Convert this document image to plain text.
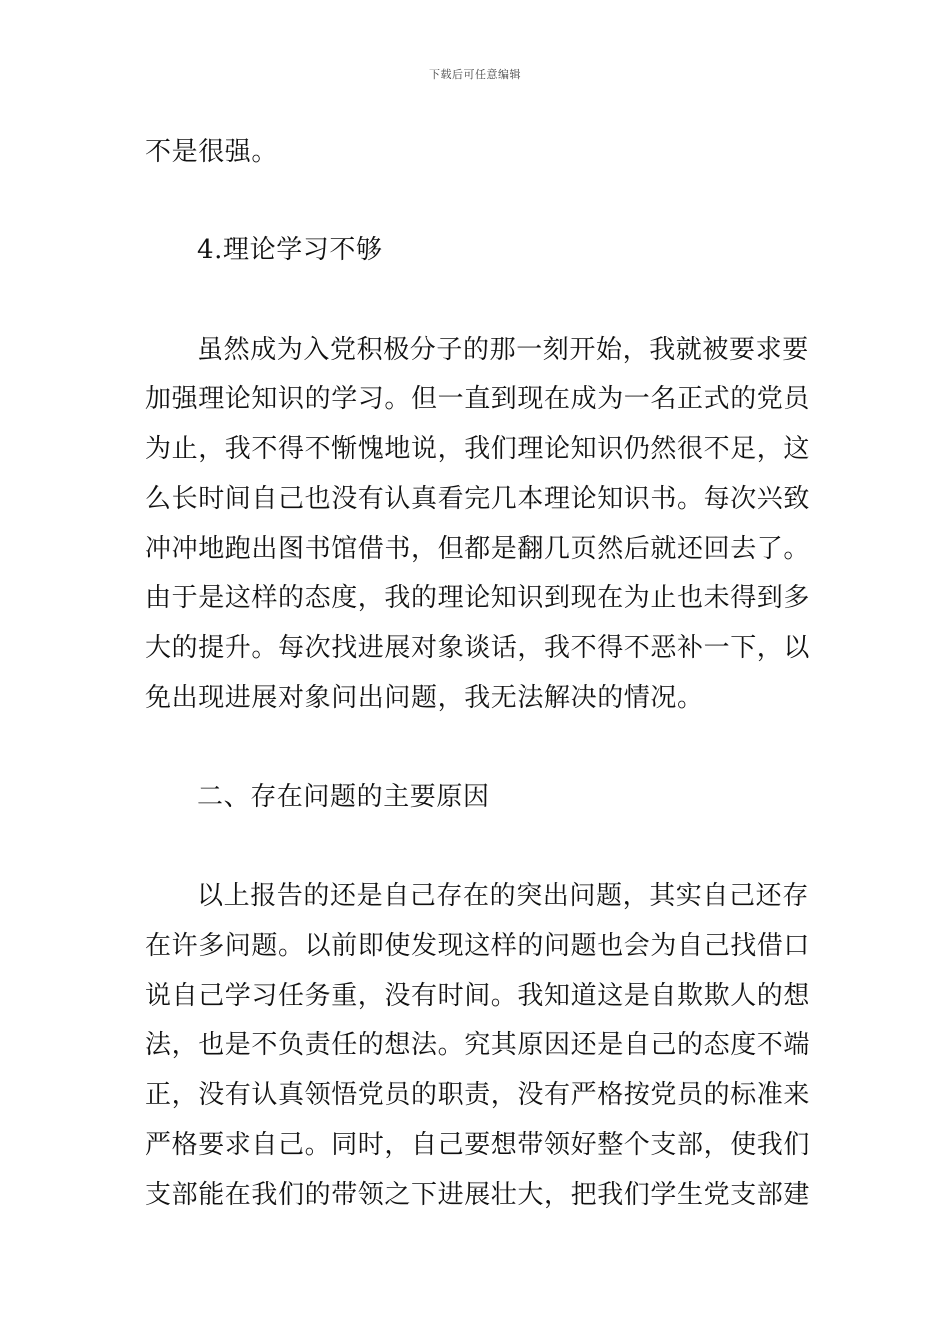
下载后可任意编辑
不是很强。
4.理论学习不够
虽然成为入党积极分子的那一刻开始，我就被要求要
加强理论知识的学习。但一直到现在成为一名正式的党员
为止，我不得不惭愧地说，我们理论知识仍然很不足，这
么长时间自己也没有认真看完几本理论知识书。每次兴致
冲冲地跑出图书馆借书，但都是翻几页然后就还回去了。
由于是这样的态度，我的理论知识到现在为止也未得到多
大的提升。每次找进展对象谈话，我不得不恶补一下，以
免出现进展对象问出问题，我无法解决的情况。
二、存在问题的主要原因
以上报告的还是自己存在的突出问题，其实自己还存
在许多问题。以前即使发现这样的问题也会为自己找借口
说自己学习任务重，没有时间。我知道这是自欺欺人的想
法，也是不负责任的想法。究其原因还是自己的态度不端
正，没有认真领悟党员的职责，没有严格按党员的标准来
严格要求自己。同时，自己要想带领好整个支部，使我们
支部能在我们的带领之下进展壮大，把我们学生党支部建
